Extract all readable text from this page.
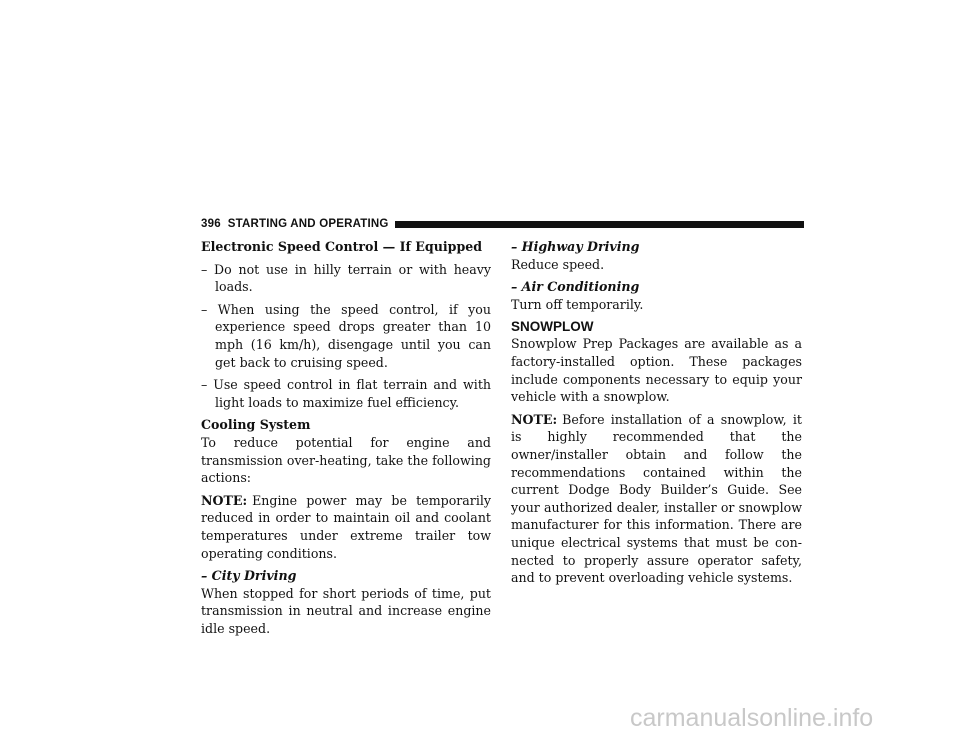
396 STARTING AND OPERATING
Electronic Speed Control — If Equipped
– Do not use in hilly terrain or with heavy loads.
– When using the speed control, if you experience speed drops greater than 10 mph (16 km/h), disengage until you can get back to cruising speed.
– Use speed control in flat terrain and with light loads to maximize fuel efficiency.
Cooling System
To reduce potential for engine and transmission over-heating, take the following actions:
NOTE: Engine power may be temporarily reduced in order to maintain oil and coolant temperatures under extreme trailer tow operating conditions.
– City Driving
When stopped for short periods of time, put transmission in neutral and increase engine idle speed.
– Highway Driving
Reduce speed.
– Air Conditioning
Turn off temporarily.
SNOWPLOW
Snowplow Prep Packages are available as a factory-installed option. These packages include components necessary to equip your vehicle with a snowplow.
NOTE: Before installation of a snowplow, it is highly recommended that the owner/installer obtain and follow the recommendations contained within the current Dodge Body Builder’s Guide. See your authorized dealer, installer or snowplow manufacturer for this information. There are unique electrical systems that must be con-nected to properly assure operator safety, and to prevent overloading vehicle systems.
carmanualsonline.info
